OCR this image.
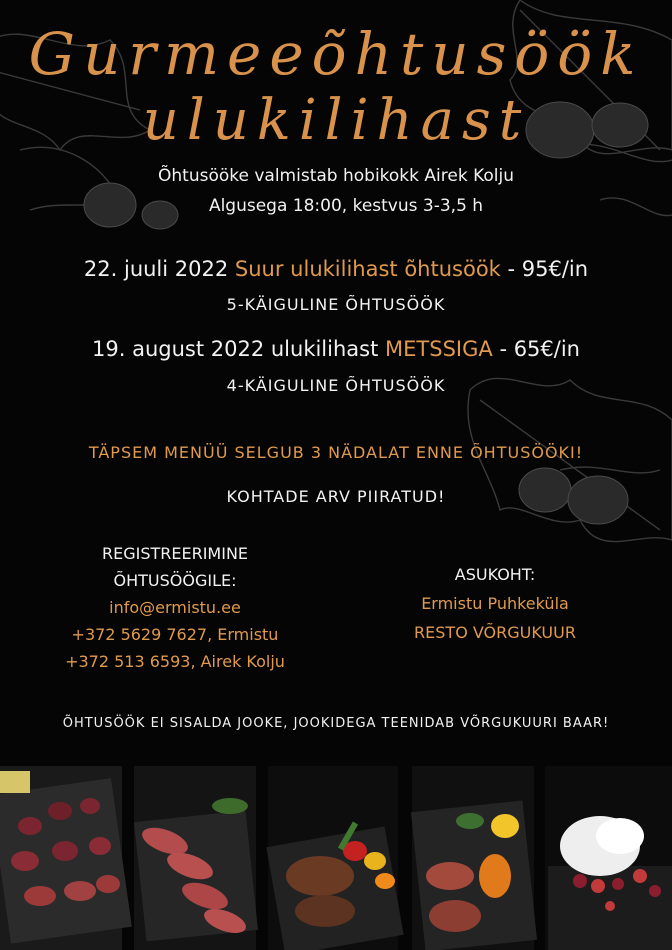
Gurmeeõhtusöök
ulukilihast
Õhtusööke valmistab hobikokk Airek Kolju
Algusega 18:00, kestvus 3-3,5 h
22. juuli 2022 Suur ulukilihast õhtusöök - 95€/in
5-KÄIGULINE ÕHTUSÖÖK
19. august 2022 ulukilihast METSSIGA - 65€/in
4-KÄIGULINE ÕHTUSÖÖK
TÄPSEM MENÜÜ SELGUB 3 NÄDALAT ENNE ÕHTUSÖÖKI!
KOHTADE ARV PIIRATUD!
REGISTREERIMINE
ÕHTUSÖÖGILE:
info@ermistu.ee
+372 5629 7627, Ermistu
+372 513 6593, Airek Kolju
ASUKOHT:
Ermistu Puhkeküla
RESTO VÕRGUKUUR
ÕHTUSÖÖK EI SISALDA JOOKE, JOOKIDEGA TEENIDAB VÕRGUKUURI BAAR!
